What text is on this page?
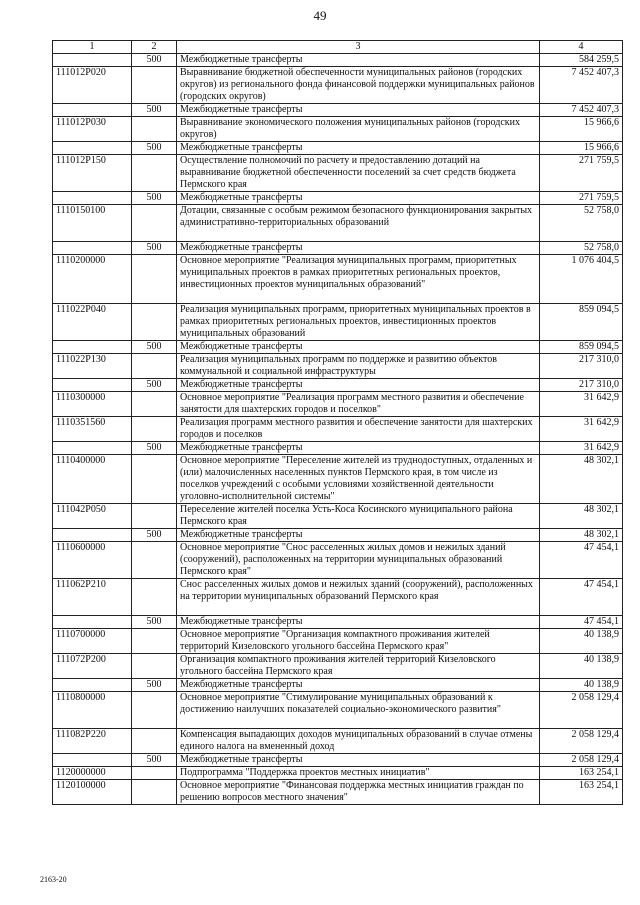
49
1	2	3	4
	500	Межбюджетные трансферты	584 259,5
111012P020		Выравнивание бюджетной обеспеченности муниципальных районов (городских округов) из регионального фонда финансовой поддержки муниципальных районов (городских округов)	7 452 407,3
	500	Межбюджетные трансферты	7 452 407,3
111012P030		Выравнивание экономического положения муниципальных районов (городских округов)	15 966,6
	500	Межбюджетные трансферты	15 966,6
111012P150		Осуществление полномочий по расчету и предоставлению дотаций на выравнивание бюджетной обеспеченности поселений за счет средств бюджета Пермского края	271 759,5
	500	Межбюджетные трансферты	271 759,5
1110150100		Дотации, связанные с особым режимом безопасного функционирования закрытых административно-территориальных образований	52 758,0
	500	Межбюджетные трансферты	52 758,0
1110200000		Основное мероприятие "Реализация муниципальных программ, приоритетных муниципальных проектов в рамках приоритетных региональных проектов, инвестиционных проектов муниципальных образований"	1 076 404,5
111022P040		Реализация муниципальных программ, приоритетных муниципальных проектов в рамках приоритетных региональных проектов, инвестиционных проектов муниципальных образований	859 094,5
	500	Межбюджетные трансферты	859 094,5
111022P130		Реализация муниципальных программ по поддержке и развитию объектов коммунальной и социальной инфраструктуры	217 310,0
	500	Межбюджетные трансферты	217 310,0
1110300000		Основное мероприятие "Реализация программ местного развития и обеспечение занятости для шахтерских городов и поселков"	31 642,9
1110351560		Реализация программ местного развития и обеспечение занятости для шахтерских городов и поселков	31 642,9
	500	Межбюджетные трансферты	31 642,9
1110400000		Основное мероприятие "Переселение жителей из труднодоступных, отдаленных и (или) малочисленных населенных пунктов Пермского края, в том числе из поселков учреждений с особыми условиями хозяйственной деятельности уголовно-исполнительной системы"	48 302,1
111042P050		Переселение жителей поселка Усть-Коса Косинского муниципального района Пермского края	48 302,1
	500	Межбюджетные трансферты	48 302,1
1110600000		Основное мероприятие "Снос расселенных жилых домов и нежилых зданий (сооружений), расположенных на территории муниципальных образований Пермского края"	47 454,1
111062P210		Снос расселенных жилых домов и нежилых зданий (сооружений), расположенных на территории муниципальных образований Пермского края	47 454,1
	500	Межбюджетные трансферты	47 454,1
1110700000		Основное мероприятие "Организация компактного проживания жителей территорий Кизеловского угольного бассейна Пермского края"	40 138,9
111072P200		Организация компактного проживания жителей территорий Кизеловского угольного бассейна Пермского края	40 138,9
	500	Межбюджетные трансферты	40 138,9
1110800000		Основное мероприятие "Стимулирование муниципальных образований к достижению наилучших показателей социально-экономического развития"	2 058 129,4
111082P220		Компенсация выпадающих доходов муниципальных образований в случае отмены единого налога на вмененный доход	2 058 129,4
	500	Межбюджетные трансферты	2 058 129,4
1120000000		Подпрограмма "Поддержка проектов местных инициатив"	163 254,1
1120100000		Основное мероприятие "Финансовая поддержка местных инициатив граждан по решению вопросов местного значения"	163 254,1
2163-20
